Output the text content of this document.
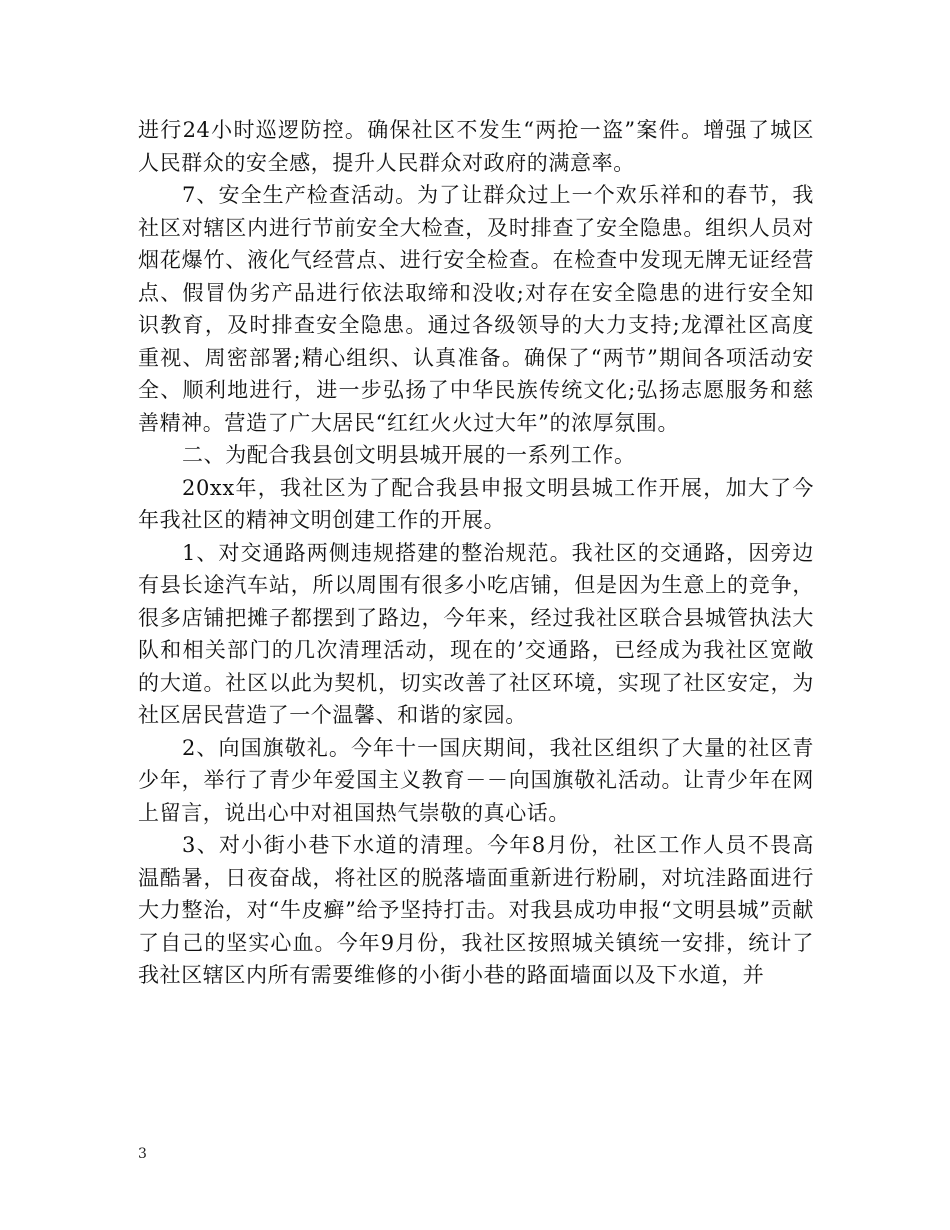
进行24小时巡逻防控。确保社区不发生“两抢一盗”案件。增强了城区人民群众的安全感，提升人民群众对政府的满意率。

7、安全生产检查活动。为了让群众过上一个欢乐祥和的春节，我社区对辖区内进行节前安全大检查，及时排查了安全隐患。组织人员对烟花爆竹、液化气经营点、进行安全检查。在检查中发现无牌无证经营点、假冒伪劣产品进行依法取缔和没收;对存在安全隐患的进行安全知识教育，及时排查安全隐患。通过各级领导的大力支持;龙潭社区高度重视、周密部署;精心组织、认真准备。确保了“两节”期间各项活动安全、顺利地进行，进一步弘扬了中华民族传统文化;弘扬志愿服务和慈善精神。营造了广大居民“红红火火过大年”的浓厚氛围。

二、为配合我县创文明县城开展的一系列工作。

20xx年，我社区为了配合我县申报文明县城工作开展，加大了今年我社区的精神文明创建工作的开展。

1、对交通路两侧违规搭建的整治规范。我社区的交通路，因旁边有县长途汽车站，所以周围有很多小吃店铺，但是因为生意上的竞争，很多店铺把摊子都摆到了路边，今年来，经过我社区联合县城管执法大队和相关部门的几次清理活动，现在的’交通路，已经成为我社区宽敞的大道。社区以此为契机，切实改善了社区环境，实现了社区安定，为社区居民营造了一个温馨、和谐的家园。

2、向国旗敬礼。今年十一国庆期间，我社区组织了大量的社区青少年，举行了青少年爱国主义教育－－向国旗敬礼活动。让青少年在网上留言，说出心中对祖国热气崇敬的真心话。

3、对小街小巷下水道的清理。今年8月份，社区工作人员不畏高温酷暑，日夜奋战，将社区的脱落墙面重新进行粉刷，对坑洼路面进行大力整治，对“牛皮癣”给予坚持打击。对我县成功申报“文明县城”贡献了自己的坚实心血。今年9月份，我社区按照城关镇统一安排，统计了我社区辖区内所有需要维修的小街小巷的路面墙面以及下水道，并

3
